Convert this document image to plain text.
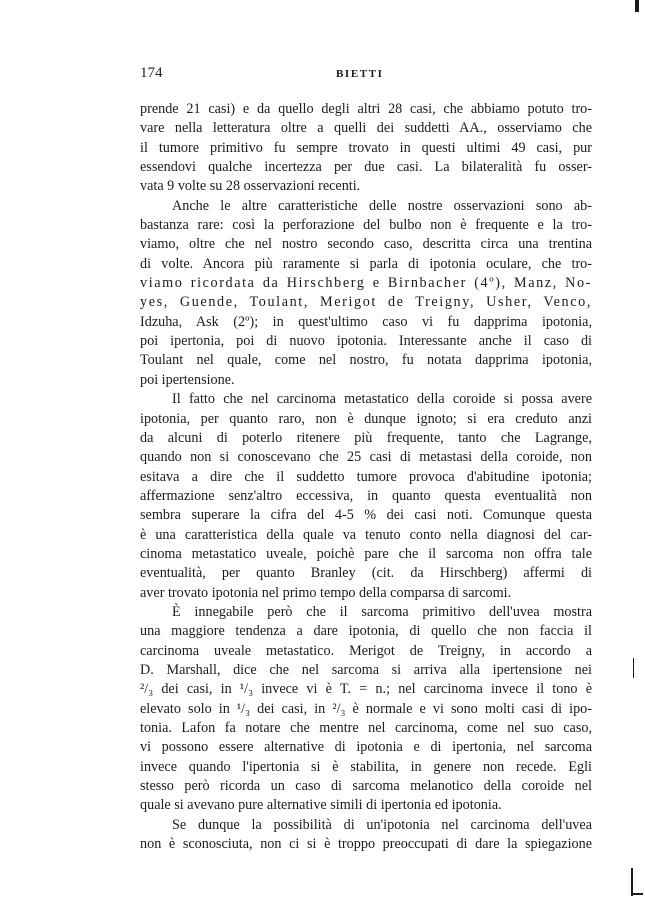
174	BIETTI
prende 21 casi) e da quello degli altri 28 casi, che abbiamo potuto tro-
vare nella letteratura oltre a quelli dei suddetti AA., osserviamo che
il tumore primitivo fu sempre trovato in questi ultimi 49 casi, pur
essendovi qualche incertezza per due casi. La bilateralità fu osser-
vata 9 volte su 28 osservazioni recenti.
Anche le altre caratteristiche delle nostre osservazioni sono ab-
bastanza rare: così la perforazione del bulbo non è frequente e la tro-
viamo, oltre che nel nostro secondo caso, descritta circa una trentina
di volte. Ancora più raramente si parla di ipotonia oculare, che tro-
viamo ricordata da Hirschberg e Birnbacher (4º), Manz, No-
yes, Guende, Toulant, Merigot de Treigny, Usher, Venco,
Idzuha, Ask (2º); in quest'ultimo caso vi fu dapprima ipotonia,
poi ipertonia, poi di nuovo ipotonia. Interessante anche il caso di
Toulant nel quale, come nel nostro, fu notata dapprima ipotonia,
poi ipertensione.
Il fatto che nel carcinoma metastatico della coroide si possa avere
ipotonia, per quanto raro, non è dunque ignoto; si era creduto anzi
da alcuni di poterlo ritenere più frequente, tanto che Lagrange,
quando non si conoscevano che 25 casi di metastasi della coroide, non
esitava a dire che il suddetto tumore provoca d'abitudine ipotonia;
affermazione senz'altro eccessiva, in quanto questa eventualità non
sembra superare la cifra del 4-5 % dei casi noti. Comunque questa
è una caratteristica della quale va tenuto conto nella diagnosi del car-
cinoma metastatico uveale, poichè pare che il sarcoma non offra tale
eventualità, per quanto Branley (cit. da Hirschberg) affermi di
aver trovato ipotonia nel primo tempo della comparsa di sarcomi.
È innegabile però che il sarcoma primitivo dell'uvea mostra
una maggiore tendenza a dare ipotonia, di quello che non faccia il
carcinoma uveale metastatico. Merigot de Treigny, in accordo a
D. Marshall, dice che nel sarcoma si arriva alla ipertensione nei
²/₃ dei casi, in ¹/₃ invece vi è T. = n.; nel carcinoma invece il tono è
elevato solo in ¹/₃ dei casi, in ²/₃ è normale e vi sono molti casi di ipo-
tonia. Lafon fa notare che mentre nel carcinoma, come nel suo caso,
vi possono essere alternative di ipotonia e di ipertonia, nel sarcoma
invece quando l'ipertonia si è stabilita, in genere non recede. Egli
stesso però ricorda un caso di sarcoma melanotico della coroide nel
quale si avevano pure alternative simili di ipertonia ed ipotonia.
Se dunque la possibilità di un'ipotonia nel carcinoma dell'uvea
non è sconosciuta, non ci si è troppo preoccupati di dare la spiegazione
